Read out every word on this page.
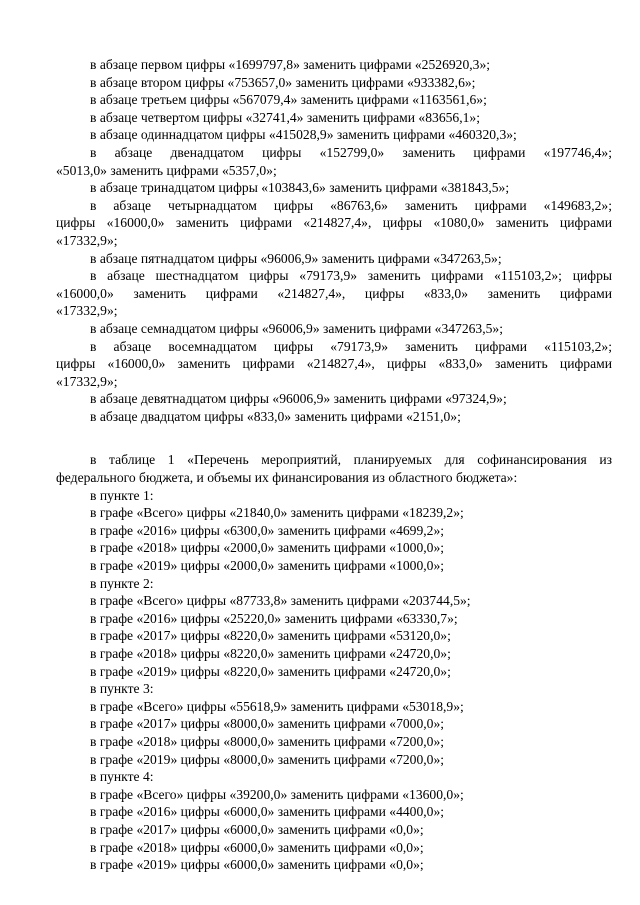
в абзаце первом цифры «1699797,8» заменить цифрами «2526920,3»;

в абзаце втором цифры «753657,0» заменить цифрами «933382,6»;

в абзаце третьем цифры «567079,4» заменить цифрами «1163561,6»;

в абзаце четвертом цифры «32741,4» заменить цифрами «83656,1»;

в абзаце одиннадцатом цифры «415028,9» заменить цифрами «460320,3»;

в абзаце двенадцатом цифры «152799,0» заменить цифрами «197746,4»;

«5013,0» заменить цифрами «5357,0»;

в абзаце тринадцатом цифры «103843,6» заменить цифрами «381843,5»;

в абзаце четырнадцатом цифры «86763,6» заменить цифрами «149683,2»;

цифры «16000,0» заменить цифрами «214827,4», цифры «1080,0» заменить цифрами

«17332,9»;

в абзаце пятнадцатом цифры «96006,9» заменить цифрами «347263,5»;

в абзаце шестнадцатом цифры «79173,9» заменить цифрами «115103,2»; цифры

«16000,0» заменить цифрами «214827,4», цифры «833,0» заменить цифрами

«17332,9»;

в абзаце семнадцатом цифры «96006,9» заменить цифрами «347263,5»;

в абзаце восемнадцатом цифры «79173,9» заменить цифрами «115103,2»;

цифры «16000,0» заменить цифрами «214827,4», цифры «833,0» заменить цифрами

«17332,9»;

в абзаце девятнадцатом цифры «96006,9» заменить цифрами «97324,9»;

в абзаце двадцатом цифры «833,0» заменить цифрами «2151,0»;

в таблице 1 «Перечень мероприятий, планируемых для софинансирования из

федерального бюджета, и объемы их финансирования из областного бюджета»:

в пункте 1:

в графе «Всего» цифры «21840,0» заменить цифрами «18239,2»;

в графе «2016» цифры «6300,0» заменить цифрами «4699,2»;

в графе «2018» цифры «2000,0» заменить цифрами «1000,0»;

в графе «2019» цифры «2000,0» заменить цифрами «1000,0»;

в пункте 2:

в графе «Всего» цифры «87733,8» заменить цифрами «203744,5»;

в графе «2016» цифры «25220,0» заменить цифрами «63330,7»;

в графе «2017» цифры «8220,0» заменить цифрами «53120,0»;

в графе «2018» цифры «8220,0» заменить цифрами «24720,0»;

в графе «2019» цифры «8220,0» заменить цифрами «24720,0»;

в пункте 3:

в графе «Всего» цифры «55618,9» заменить цифрами «53018,9»;

в графе «2017» цифры «8000,0» заменить цифрами «7000,0»;

в графе «2018» цифры «8000,0» заменить цифрами «7200,0»;

в графе «2019» цифры «8000,0» заменить цифрами «7200,0»;

в пункте 4:

в графе «Всего» цифры «39200,0» заменить цифрами «13600,0»;

в графе «2016» цифры «6000,0» заменить цифрами «4400,0»;

в графе «2017» цифры «6000,0» заменить цифрами «0,0»;

в графе «2018» цифры «6000,0» заменить цифрами «0,0»;

в графе «2019» цифры «6000,0» заменить цифрами «0,0»;
